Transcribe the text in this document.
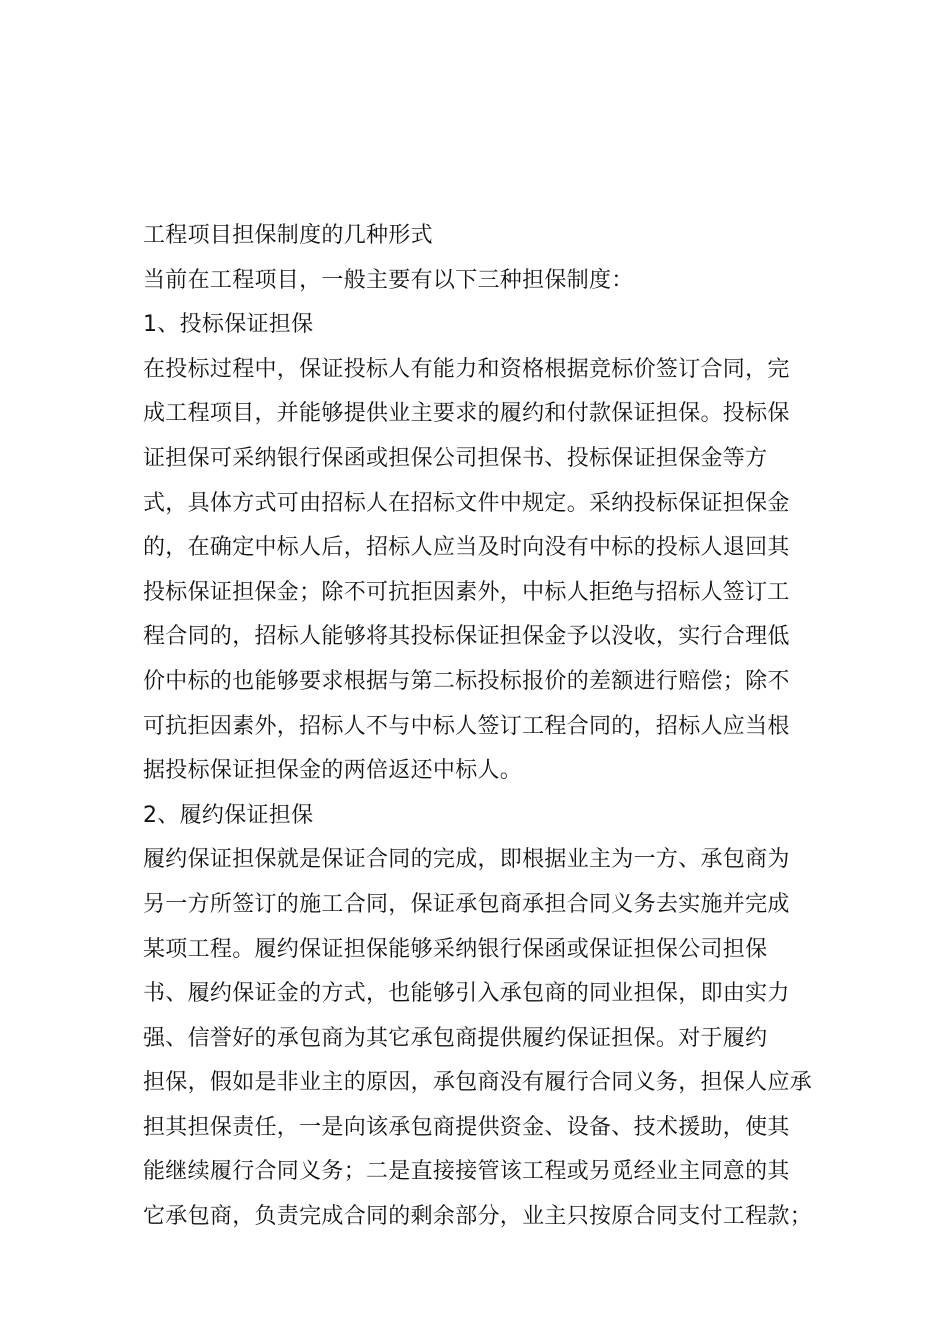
工程项目担保制度的几种形式
当前在工程项目，一般主要有以下三种担保制度：
1、投标保证担保
在投标过程中，保证投标人有能力和资格根据竞标价签订合同，完
成工程项目，并能够提供业主要求的履约和付款保证担保。投标保
证担保可采纳银行保函或担保公司担保书、投标保证担保金等方
式，具体方式可由招标人在招标文件中规定。采纳投标保证担保金
的，在确定中标人后，招标人应当及时向没有中标的投标人退回其
投标保证担保金；除不可抗拒因素外，中标人拒绝与招标人签订工
程合同的，招标人能够将其投标保证担保金予以没收，实行合理低
价中标的也能够要求根据与第二标投标报价的差额进行赔偿；除不
可抗拒因素外，招标人不与中标人签订工程合同的，招标人应当根
据投标保证担保金的两倍返还中标人。
2、履约保证担保
履约保证担保就是保证合同的完成，即根据业主为一方、承包商为
另一方所签订的施工合同，保证承包商承担合同义务去实施并完成
某项工程。履约保证担保能够采纳银行保函或保证担保公司担保
书、履约保证金的方式，也能够引入承包商的同业担保，即由实力
强、信誉好的承包商为其它承包商提供履约保证担保。对于履约
担保，假如是非业主的原因，承包商没有履行合同义务，担保人应承
担其担保责任，一是向该承包商提供资金、设备、技术援助，使其
能继续履行合同义务；二是直接接管该工程或另觅经业主同意的其
它承包商，负责完成合同的剩余部分，业主只按原合同支付工程款；
